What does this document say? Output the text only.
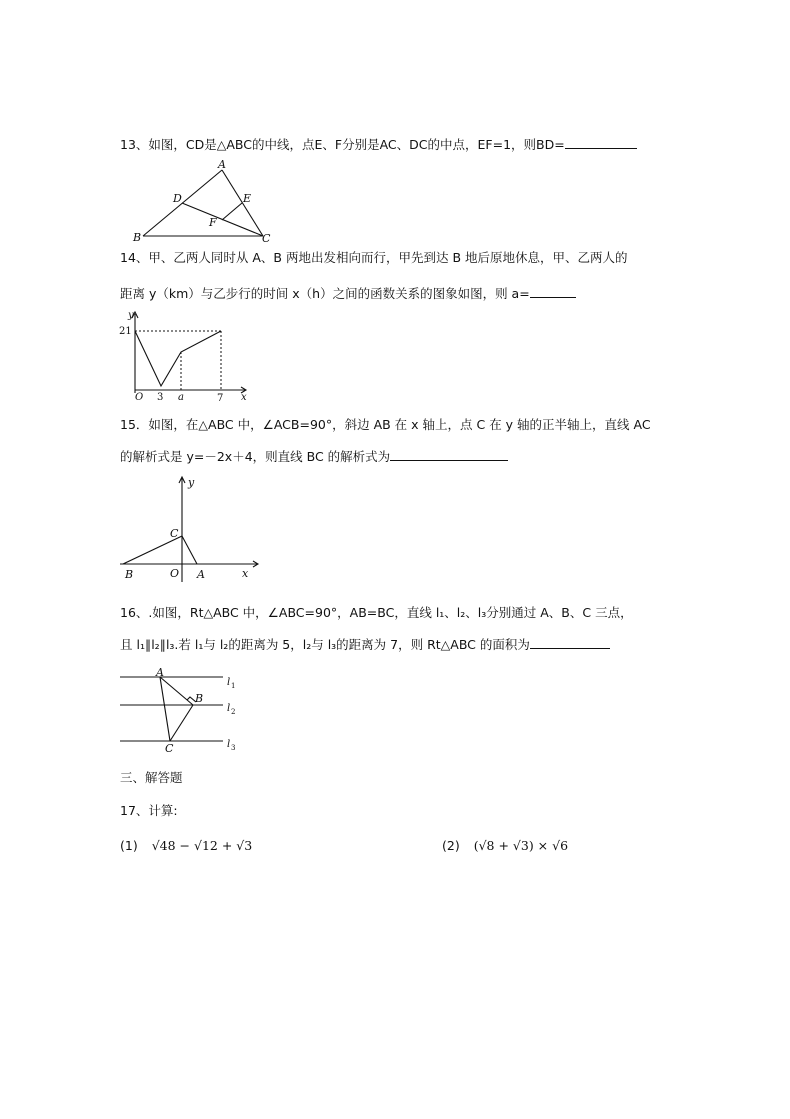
13、如图，CD是△ABC的中线，点E、F分别是AC、DC的中点，EF=1，则BD=
A
B	C
D	E
F
14、甲、乙两人同时从 A、B 两地出发相向而行，甲先到达 B 地后原地休息，甲、乙两人的
距离 y（km）与乙步行的时间 x（h）之间的函数关系的图象如图，则 a=
y
x
O
21
3 a	7
15．如图，在△ABC 中，∠ACB=90°，斜边 AB 在 x 轴上，点 C 在 y 轴的正半轴上，直线 AC
的解析式是 y=－2x＋4，则直线 BC 的解析式为
y
x
C
B	O A
16、.如图，Rt△ABC 中，∠ABC=90°，AB=BC，直线 l₁、l₂、l₃分别通过 A、B、C 三点，
且 l₁∥l₂∥l₃.若 l₁与 l₂的距离为 5，l₂与 l₃的距离为 7，则 Rt△ABC 的面积为
A
B
C
l 1
l 2
l 3
三、解答题
17、计算:
(1) √48 − √12 + √3	(2) (√8 + √3) × √6
